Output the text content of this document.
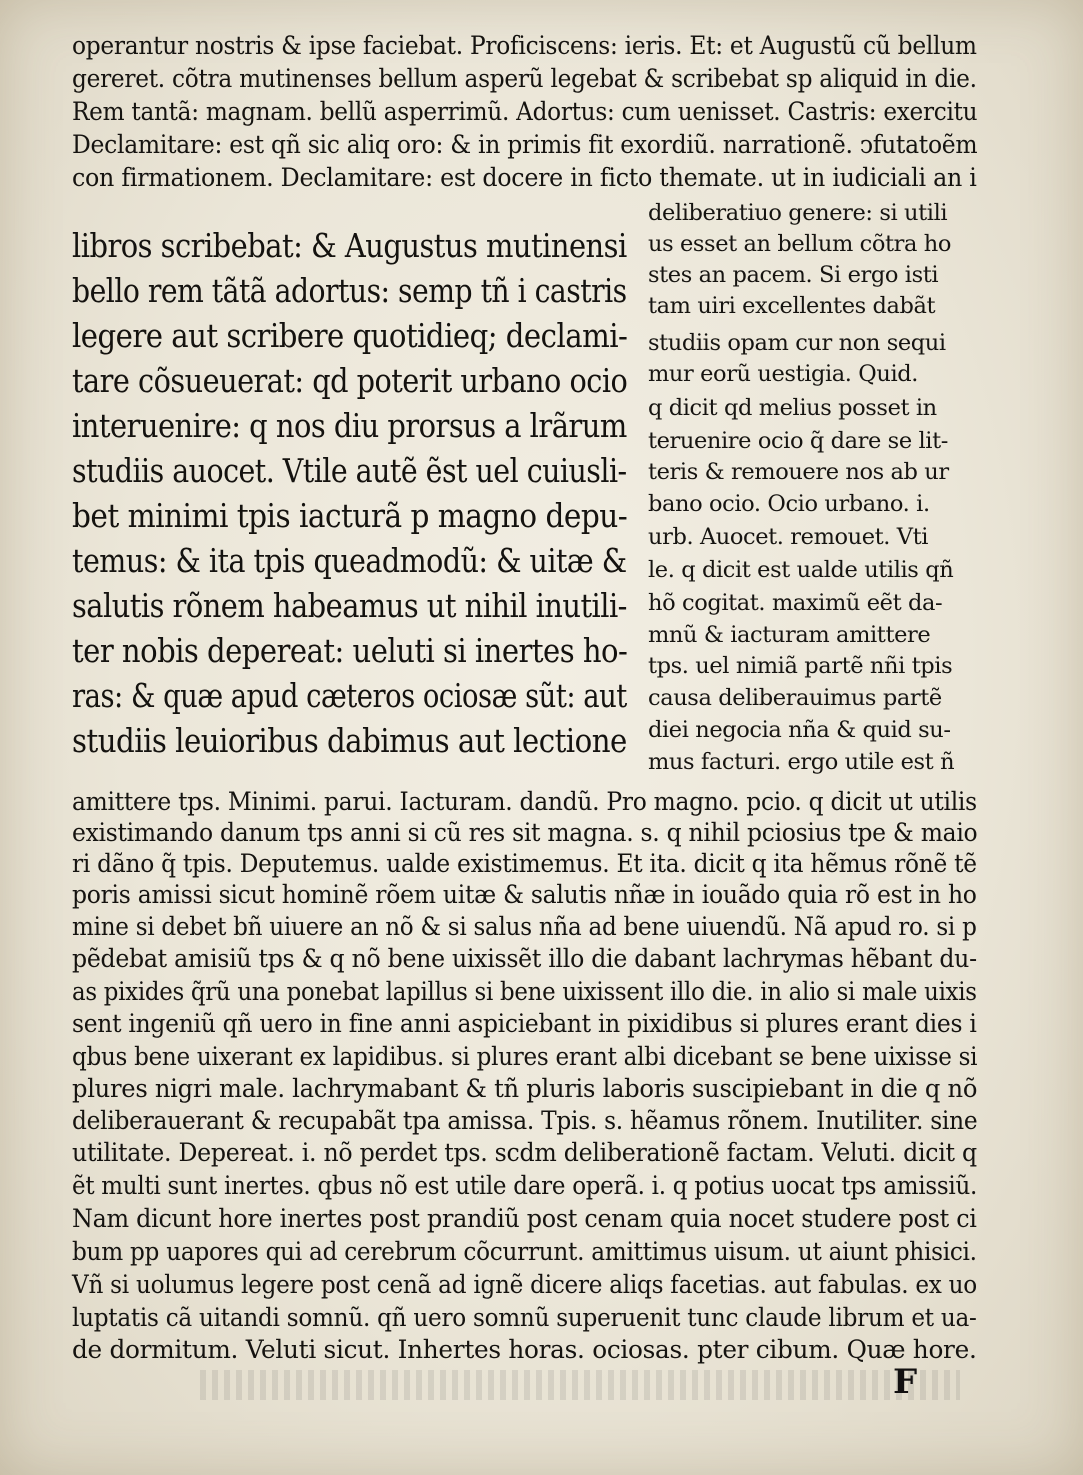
operantur nostris & ipse faciebat. Proficiscens: ieris. Et: et Augustũ cũ bellum
gereret. cõtra mutinenses bellum asperũ legebat & scribebat sp aliquid in die.
Rem tantã: magnam. bellũ asperrimũ. Adortus: cum uenisset. Castris: exercitu
Declamitare: est qñ sic aliq oro: & in primis fit exordiũ. narrationẽ. ↄfutatoẽm
con firmationem. Declamitare: est docere in ficto themate. ut in iudiciali an i
libros scribebat: & Augustus mutinensi
bello rem tãtã adortus: semp tñ i castris
legere aut scribere quotidieq; declami-
tare cõsueuerat: qd poterit urbano ocio
interuenire: q nos diu prorsus a lrãrum
studiis auocet. Vtile autẽ ẽst uel cuiusli-
bet minimi tpis iacturã p magno depu-
temus: & ita tpis queadmodũ: & uitæ &
salutis rõnem habeamus ut nihil inutili-
ter nobis depereat: ueluti si inertes ho-
ras: & quæ apud cæteros ociosæ sũt: aut
studiis leuioribus dabimus aut lectione
deliberatiuo genere: si utili
us esset an bellum cõtra ho
stes an pacem. Si ergo isti
tam uiri excellentes dabãt
studiis opam cur non sequi
mur eorũ uestigia. Quid.
q dicit qd melius posset in
teruenire ocio q̃ dare se lit-
teris & remouere nos ab ur
bano ocio. Ocio urbano. i.
urb. Auocet. remouet. Vti
le. q dicit est ualde utilis qñ
hõ cogitat. maximũ eẽt da-
mnũ & iacturam amittere
tps. uel nimiã partẽ nñi tpis
causa deliberauimus partẽ
diei negocia nña & quid su-
mus facturi. ergo utile est ñ
amittere tps. Minimi. parui. Iacturam. dandũ. Pro magno. pcio. q dicit ut utilis
existimando danum tps anni si cũ res sit magna. s. q nihil pciosius tpe & maio
ri dãno q̃ tpis. Deputemus. ualde existimemus. Et ita. dicit q ita hẽmus rõnẽ tẽ
poris amissi sicut hominẽ rõem uitæ & salutis nñæ in iouãdo quia rõ est in ho
mine si debet bñ uiuere an nõ & si salus nña ad bene uiuendũ. Nã apud ro. si p
pẽdebat amisiũ tps & q nõ bene uixissẽt illo die dabant lachrymas hẽbant du-
as pixides q̃rũ una ponebat lapillus si bene uixissent illo die. in alio si male uixis
sent ingeniũ qñ uero in fine anni aspiciebant in pixidibus si plures erant dies i
qbus bene uixerant ex lapidibus. si plures erant albi dicebant se bene uixisse si
plures nigri male. lachrymabant & tñ pluris laboris suscipiebant in die q nõ
deliberauerant & recupabãt tpa amissa. Tpis. s. hẽamus rõnem. Inutiliter. sine
utilitate. Depereat. i. nõ perdet tps. scdm deliberationẽ factam. Veluti. dicit q
ẽt multi sunt inertes. qbus nõ est utile dare operã. i. q potius uocat tps amissiũ.
Nam dicunt hore inertes post prandiũ post cenam quia nocet studere post ci
bum pp uapores qui ad cerebrum cõcurrunt. amittimus uisum. ut aiunt phisici.
Vñ si uolumus legere post cenã ad ignẽ dicere aliqs facetias. aut fabulas. ex uo
luptatis cã uitandi somnũ. qñ uero somnũ superuenit tunc claude librum et ua-
de dormitum. Veluti sicut. Inhertes horas. ociosas. pter cibum. Quæ hore.
F
